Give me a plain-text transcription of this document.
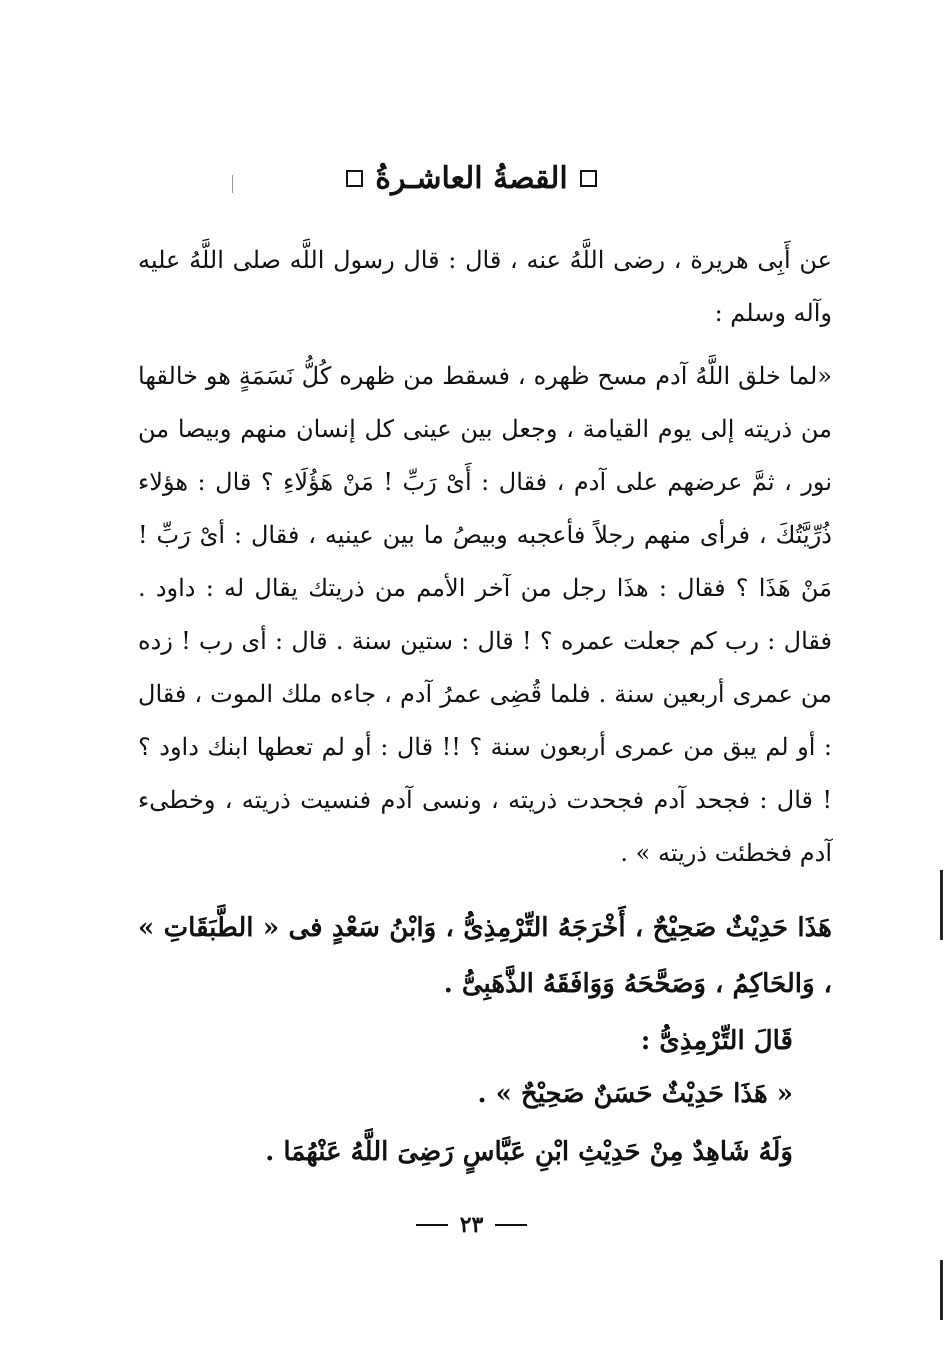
القصةُ العاشـرةُ
عن أَبِى هريرة ، رضى اللَّهُ عنه ، قال : قال رسول اللَّه صلى اللَّهُ عليه وآله وسلم :
«لما خلق اللَّهُ آدم مسح ظهره ، فسقط من ظهره كُلُّ نَسَمَةٍ هو خالقها من ذريته إلى يوم القيامة ، وجعل بين عينى كل إنسان منهم وبيصا من نور ، ثمَّ عرضهم على آدم ، فقال : أَىْ رَبِّ ! مَنْ هَؤُلَاءِ ؟ قال : هؤلاء ذُرِّيَّتُكَ ، فرأى منهم رجلاً فأعجبه وبيصُ ما بين عينيه ، فقال : أىْ رَبِّ ! مَنْ هَذَا ؟ فقال : هذَا رجل من آخر الأمم من ذريتك يقال له : داود . فقال : رب كم جعلت عمره ؟ ! قال : ستين سنة . قال : أى رب ! زده من عمرى أربعين سنة . فلما قُضِى عمرُ آدم ، جاءه ملك الموت ، فقال : أو لم يبق من عمرى أربعون سنة ؟ !! قال : أو لم تعطها ابنك داود ؟ ! قال : فجحد آدم فجحدت ذريته ، ونسى آدم فنسيت ذريته ، وخطىء آدم فخطئت ذريته » .
هَذَا حَدِيْثٌ صَحِيْحٌ ، أَخْرَجَهُ التِّرْمِذِىُّ ، وَابْنُ سَعْدٍ فى « الطَّبَقَاتِ » ، وَالحَاكِمُ ، وَصَحَّحَهُ وَوَافَقَهُ الذَّهَبِىُّ .
قَالَ التِّرْمِذِىُّ :
« هَذَا حَدِيْثٌ حَسَنٌ صَحِيْحٌ » .
وَلَهُ شَاهِدٌ مِنْ حَدِيْثِ ابْنِ عَبَّاسٍ رَضِىَ اللَّهُ عَنْهُمَا .
٢٣
